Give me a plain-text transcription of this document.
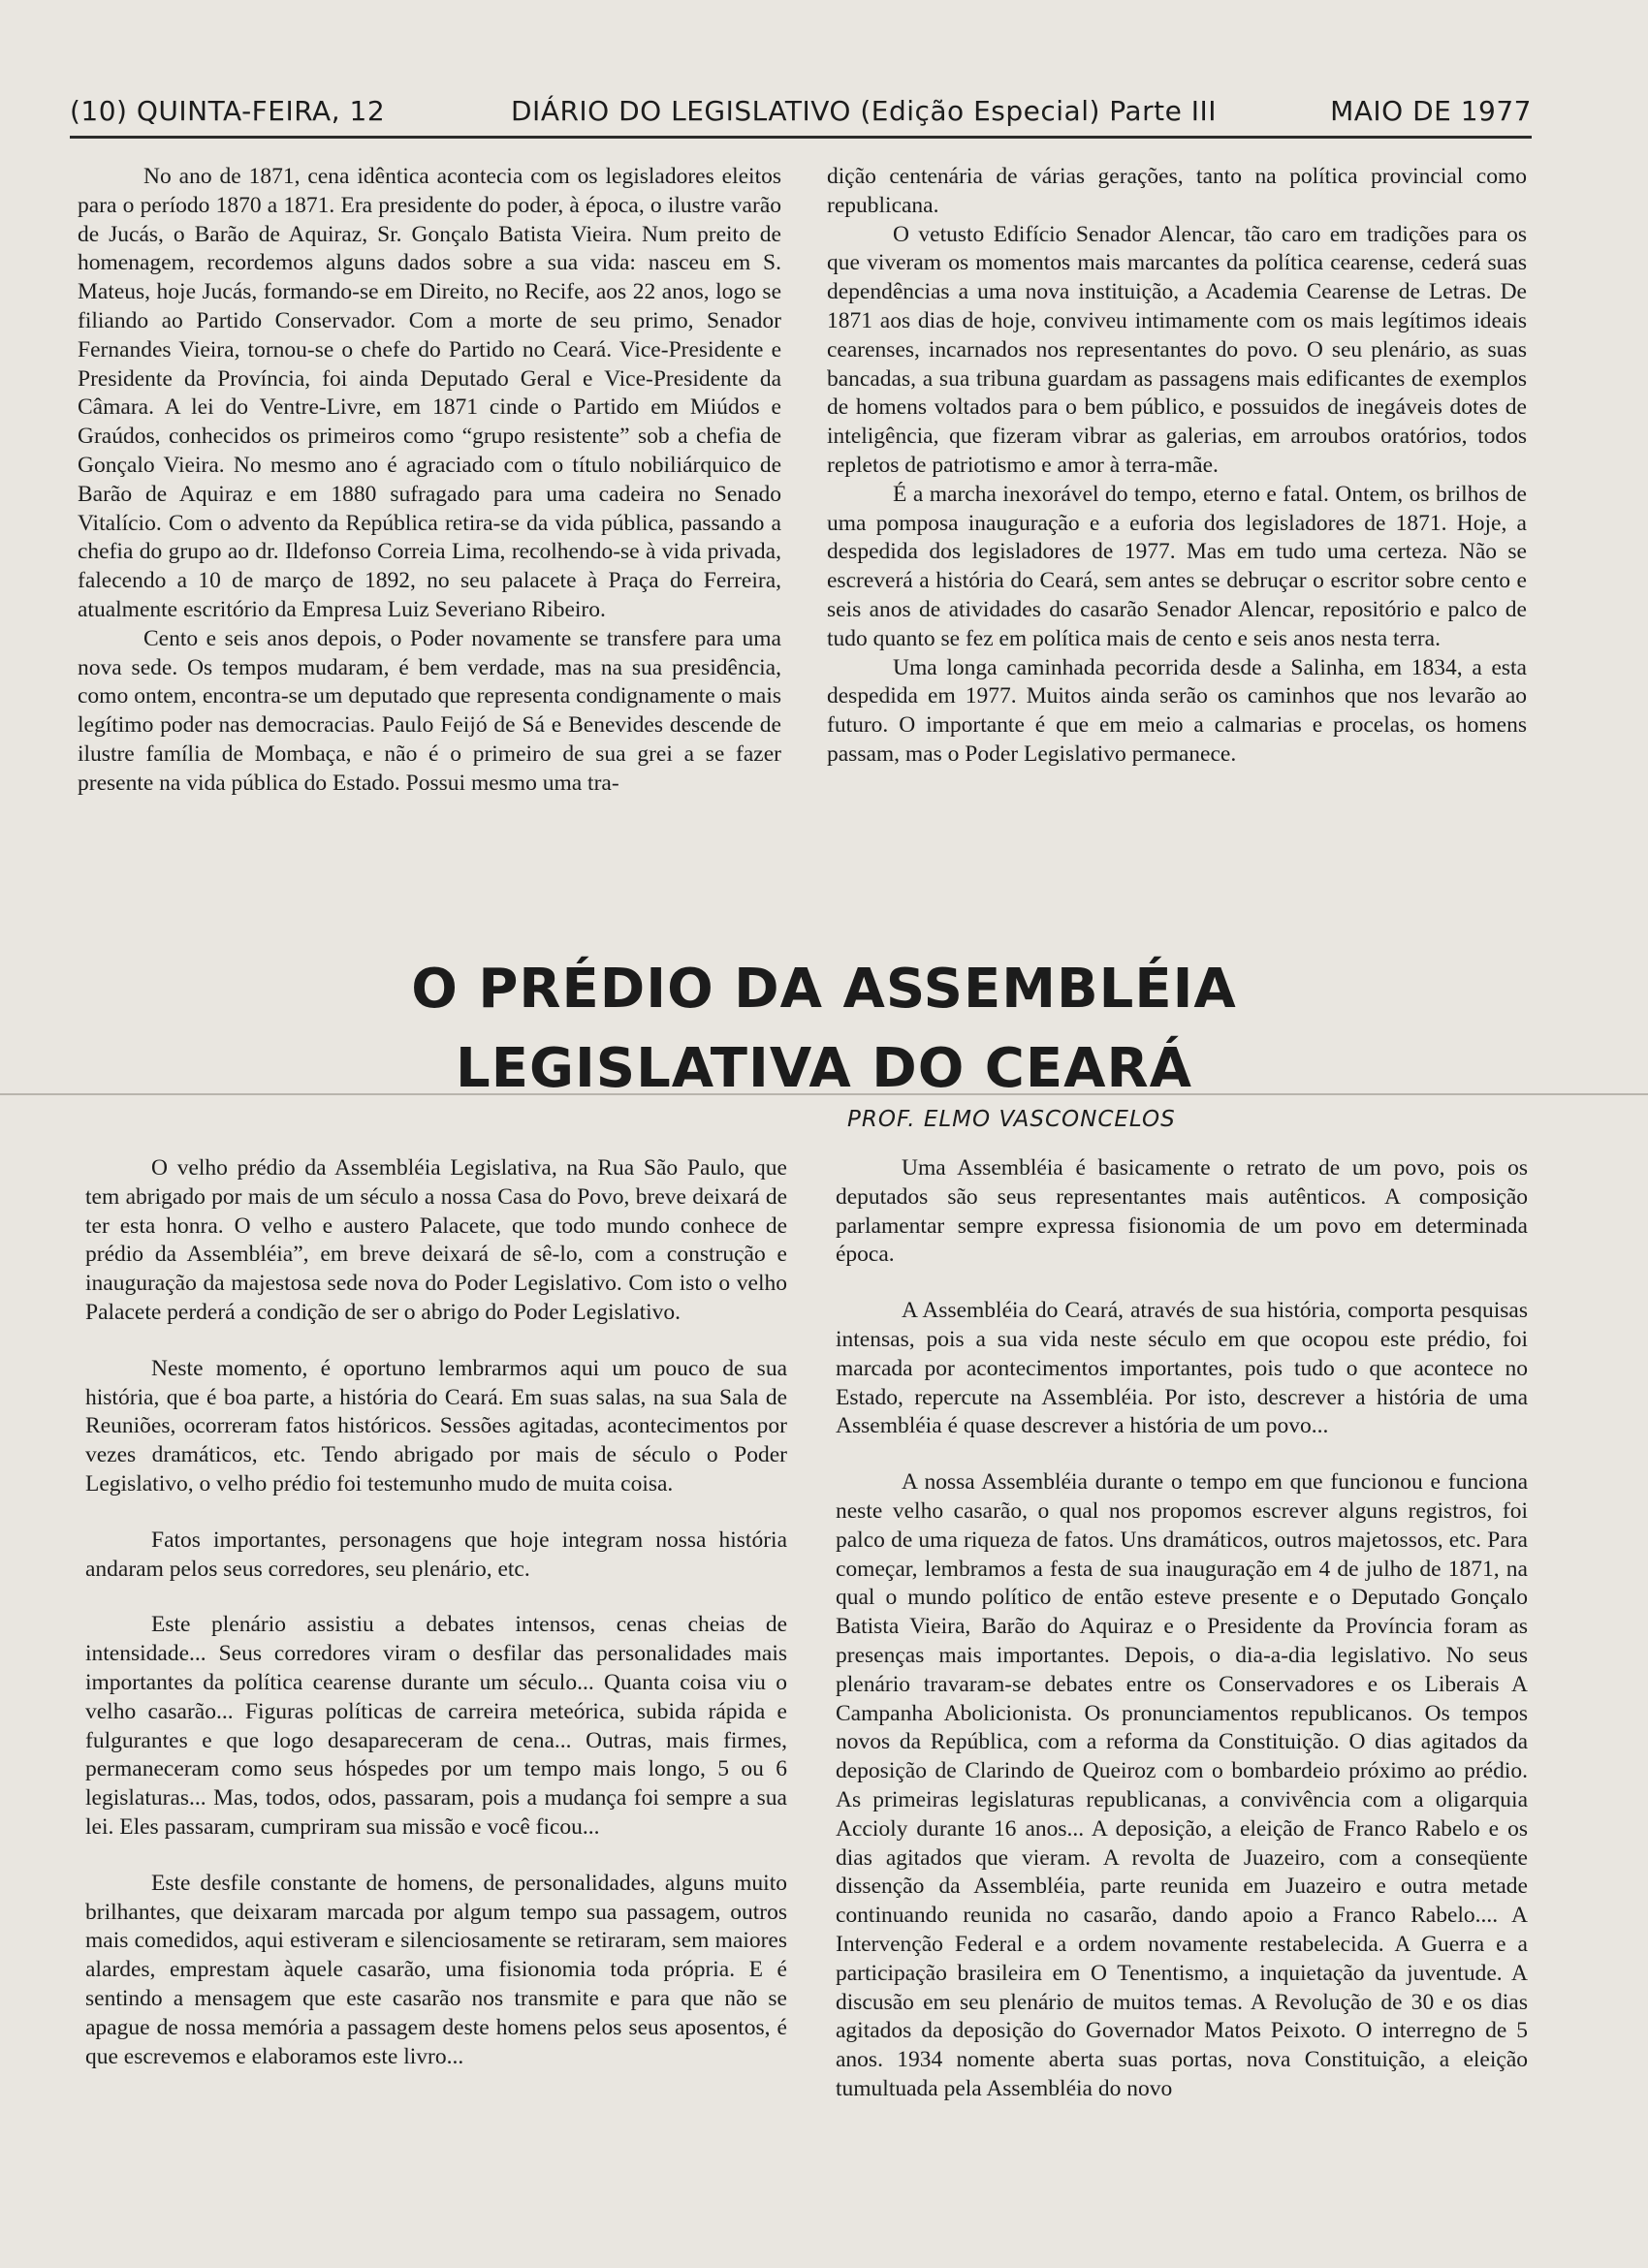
(10) QUINTA-FEIRA, 12	DIÁRIO DO LEGISLATIVO (Edição Especial) Parte III	MAIO DE 1977

No ano de 1871, cena idêntica acontecia com os legisladores eleitos para o período 1870 a 1871. Era presidente do poder, à época, o ilustre varão de Jucás, o Barão de Aquiraz, Sr. Gonçalo Batista Vieira. Num preito de homenagem, recordemos alguns dados sobre a sua vida: nasceu em S. Mateus, hoje Jucás, formando-se em Direito, no Recife, aos 22 anos, logo se filiando ao Partido Conservador. Com a morte de seu primo, Senador Fernandes Vieira, tornou-se o chefe do Partido no Ceará. Vice-Presidente e Presidente da Província, foi ainda Deputado Geral e Vice-Presidente da Câmara. A lei do Ventre-Livre, em 1871 cinde o Partido em Miúdos e Graúdos, conhecidos os primeiros como “grupo resistente” sob a chefia de Gonçalo Vieira. No mesmo ano é agraciado com o título nobiliárquico de Barão de Aquiraz e em 1880 sufragado para uma cadeira no Senado Vitalício. Com o advento da República retira-se da vida pública, passando a chefia do grupo ao dr. Ildefonso Correia Lima, recolhendo-se à vida privada, falecendo a 10 de março de 1892, no seu palacete à Praça do Ferreira, atualmente escritório da Empresa Luiz Severiano Ribeiro.

Cento e seis anos depois, o Poder novamente se transfere para uma nova sede. Os tempos mudaram, é bem verdade, mas na sua presidência, como ontem, encontra-se um deputado que representa condignamente o mais legítimo poder nas democracias. Paulo Feijó de Sá e Benevides descende de ilustre família de Mombaça, e não é o primeiro de sua grei a se fazer presente na vida pública do Estado. Possui mesmo uma tra-

dição centenária de várias gerações, tanto na política provincial como republicana.

O vetusto Edifício Senador Alencar, tão caro em tradições para os que viveram os momentos mais marcantes da política cearense, cederá suas dependências a uma nova instituição, a Academia Cearense de Letras. De 1871 aos dias de hoje, conviveu intimamente com os mais legítimos ideais cearenses, incarnados nos representantes do povo. O seu plenário, as suas bancadas, a sua tribuna guardam as passagens mais edificantes de exemplos de homens voltados para o bem público, e possuidos de inegáveis dotes de inteligência, que fizeram vibrar as galerias, em arroubos oratórios, todos repletos de patriotismo e amor à terra-mãe.

É a marcha inexorável do tempo, eterno e fatal. Ontem, os brilhos de uma pomposa inauguração e a euforia dos legisladores de 1871. Hoje, a despedida dos legisladores de 1977. Mas em tudo uma certeza. Não se escreverá a história do Ceará, sem antes se debruçar o escritor sobre cento e seis anos de atividades do casarão Senador Alencar, repositório e palco de tudo quanto se fez em política mais de cento e seis anos nesta terra.

Uma longa caminhada pecorrida desde a Salinha, em 1834, a esta despedida em 1977. Muitos ainda serão os caminhos que nos levarão ao futuro. O importante é que em meio a calmarias e procelas, os homens passam, mas o Poder Legislativo permanece.

O PRÉDIO DA ASSEMBLÉIA
LEGISLATIVA DO CEARÁ
PROF. ELMO VASCONCELOS

O velho prédio da Assembléia Legislativa, na Rua São Paulo, que tem abrigado por mais de um século a nossa Casa do Povo, breve deixará de ter esta honra. O velho e austero Palacete, que todo mundo conhece de prédio da Assembléia”, em breve deixará de sê-lo, com a construção e inauguração da majestosa sede nova do Poder Legislativo. Com isto o velho Palacete perderá a condição de ser o abrigo do Poder Legislativo.

Neste momento, é oportuno lembrarmos aqui um pouco de sua história, que é boa parte, a história do Ceará. Em suas salas, na sua Sala de Reuniões, ocorreram fatos históricos. Sessões agitadas, acontecimentos por vezes dramáticos, etc. Tendo abrigado por mais de século o Poder Legislativo, o velho prédio foi testemunho mudo de muita coisa.

Fatos importantes, personagens que hoje integram nossa história andaram pelos seus corredores, seu plenário, etc.

Este plenário assistiu a debates intensos, cenas cheias de intensidade... Seus corredores viram o desfilar das personalidades mais importantes da política cearense durante um século... Quanta coisa viu o velho casarão... Figuras políticas de carreira meteórica, subida rápida e fulgurantes e que logo desapareceram de cena... Outras, mais firmes, permaneceram como seus hóspedes por um tempo mais longo, 5 ou 6 legislaturas... Mas, todos, odos, passaram, pois a mudança foi sempre a sua lei. Eles passaram, cumpriram sua missão e você ficou...

Este desfile constante de homens, de personalidades, alguns muito brilhantes, que deixaram marcada por algum tempo sua passagem, outros mais comedidos, aqui estiveram e silenciosamente se retiraram, sem maiores alardes, emprestam àquele casarão, uma fisionomia toda própria. E é sentindo a mensagem que este casarão nos transmite e para que não se apague de nossa memória a passagem deste homens pelos seus aposentos, é que escrevemos e elaboramos este livro...

Uma Assembléia é basicamente o retrato de um povo, pois os deputados são seus representantes mais autênticos. A composição parlamentar sempre expressa fisionomia de um povo em determinada época.

A Assembléia do Ceará, através de sua história, comporta pesquisas intensas, pois a sua vida neste século em que ocopou este prédio, foi marcada por acontecimentos importantes, pois tudo o que acontece no Estado, repercute na Assembléia. Por isto, descrever a história de uma Assembléia é quase descrever a história de um povo...

A nossa Assembléia durante o tempo em que funcionou e funciona neste velho casarão, o qual nos propomos escrever alguns registros, foi palco de uma riqueza de fatos. Uns dramáticos, outros majetossos, etc. Para começar, lembramos a festa de sua inauguração em 4 de julho de 1871, na qual o mundo político de então esteve presente e o Deputado Gonçalo Batista Vieira, Barão do Aquiraz e o Presidente da Província foram as presenças mais importantes. Depois, o dia-a-dia legislativo. No seus plenário travaram-se debates entre os Conservadores e os Liberais A Campanha Abolicionista. Os pronunciamentos republicanos. Os tempos novos da República, com a reforma da Constituição. O dias agitados da deposição de Clarindo de Queiroz com o bombardeio próximo ao prédio. As primeiras legislaturas republicanas, a convivência com a oligarquia Accioly durante 16 anos... A deposição, a eleição de Franco Rabelo e os dias agitados que vieram. A revolta de Juazeiro, com a conseqüente dissenção da Assembléia, parte reunida em Juazeiro e outra metade continuando reunida no casarão, dando apoio a Franco Rabelo.... A Intervenção Federal e a ordem novamente restabelecida. A Guerra e a participação brasileira em O Tenentismo, a inquietação da juventude. A discusão em seu plenário de muitos temas. A Revolução de 30 e os dias agitados da deposição do Governador Matos Peixoto. O interregno de 5 anos. 1934 nomente aberta suas portas, nova Constituição, a eleição tumultuada pela Assembléia do novo
